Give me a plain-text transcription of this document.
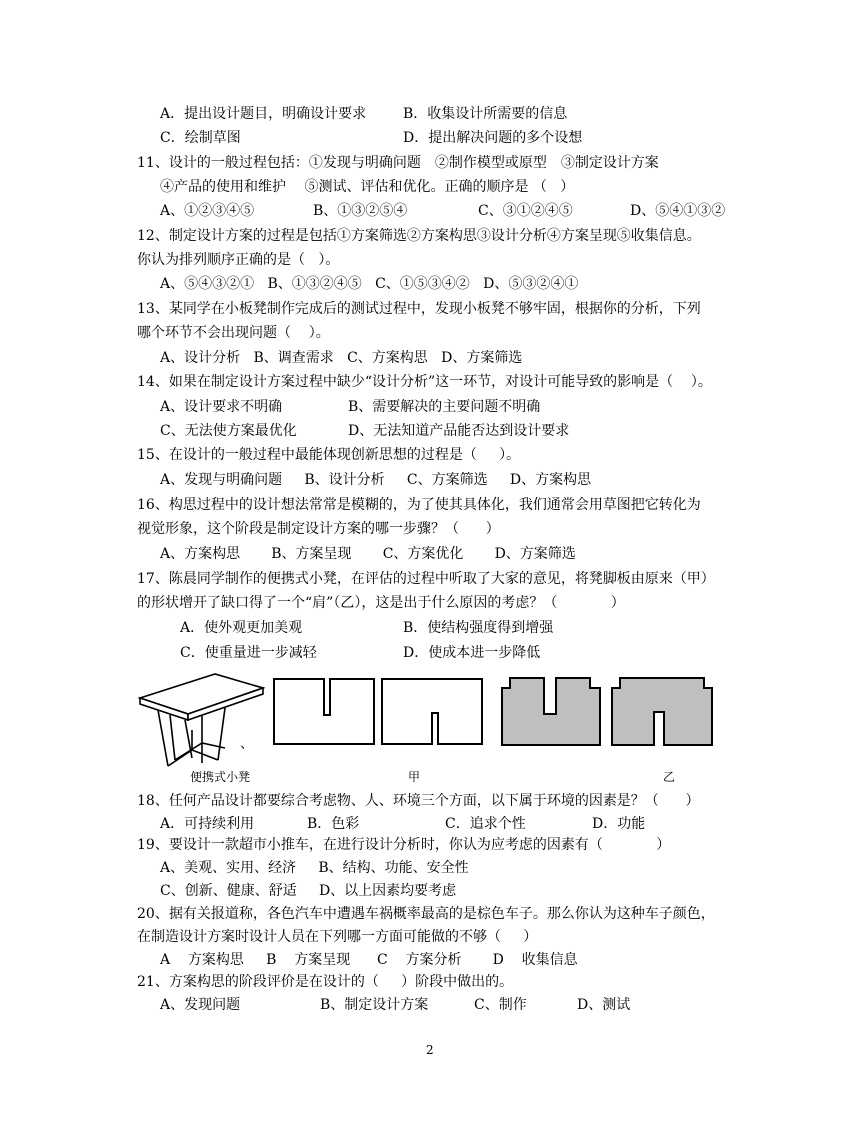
A．提出设计题目，明确设计要求	B．收集设计所需要的信息
C．绘制草图	D．提出解决问题的多个设想
11、设计的一般过程包括：①发现与明确问题　②制作模型或原型　③制定设计方案
④产品的使用和维护　 ⑤测试、评估和优化。正确的顺序是 （   ）
A、①②③④⑤	B、①③②⑤④	C、③①②④⑤	D、⑤④①③②
12、制定设计方案的过程是包括①方案筛选②方案构思③设计分析④方案呈现⑤收集信息。
你认为排列顺序正确的是（   ）。
A、⑤④③②①   B、①③②④⑤   C、①⑤③④②   D、⑤③②④①
13、某同学在小板凳制作完成后的测试过程中，发现小板凳不够牢固，根据你的分析，下列
哪个环节不会出现问题（    ）。
A、设计分析   B、调查需求   C、方案构思   D、方案筛选
14、如果在制定设计方案过程中缺少“设计分析”这一环节，对设计可能导致的影响是（    ）。
A、设计要求不明确	B、需要解决的主要问题不明确
C、无法使方案最优化	D、无法知道产品能否达到设计要求
15、在设计的一般过程中最能体现创新思想的过程是（     ）。
A、发现与明确问题     B、设计分析     C、方案筛选     D、方案构思
16、构思过程中的设计想法常常是模糊的，为了使其具体化，我们通常会用草图把它转化为
视觉形象，这个阶段是制定设计方案的哪一步骤？（      ）
A、方案构思       B、方案呈现       C、方案优化       D、方案筛选
17、陈晨同学制作的便携式小凳，在评估的过程中听取了大家的意见，将凳脚板由原来（甲）
的形状增开了缺口得了一个“肩”（乙），这是出于什么原因的考虑？（            ）
A．使外观更加美观	B．使结构强度得到增强
C．使重量进一步减轻	D．使成本进一步降低
、
便携式小凳	甲	乙
18、任何产品设计都要综合考虑物、人、环境三个方面，以下属于环境的因素是？（      ）
A．可持续利用	B．色彩	C．追求个性	D．功能
19、要设计一款超市小推车，在进行设计分析时，你认为应考虑的因素有（            ）
A、美观、实用、经济     B、结构、功能、安全性
C、创新、健康、舒适     D、以上因素均要考虑
20、据有关报道称，各色汽车中遭遇车祸概率最高的是棕色车子。那么你认为这种车子颜色，
在制造设计方案时设计人员在下列哪一方面可能做的不够（     ）
A    方案构思     B    方案呈现      C    方案分析       D    收集信息
21、方案构思的阶段评价是在设计的（     ）阶段中做出的。
A、发现问题	B、制定设计方案	C、制作	D、测试
2
